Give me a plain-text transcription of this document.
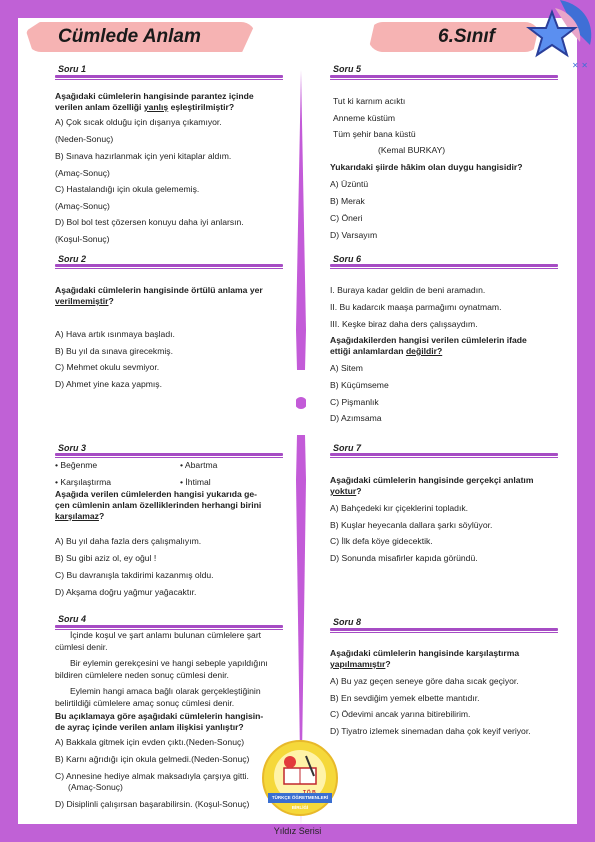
Cümlede Anlam	6.Sınıf
✕ ✕
Soru 1
Aşağıdaki cümlelerin hangisinde parantez içinde
verilen anlam özelliği yanlış eşleştirilmiştir?
A) Çok sıcak olduğu için dışarıya çıkamıyor.
(Neden-Sonuç)
B) Sınava hazırlanmak için yeni kitaplar aldım.
(Amaç-Sonuç)
C) Hastalandığı için okula gelememiş.
(Amaç-Sonuç)
D) Bol bol test çözersen konuyu daha iyi anlarsın.
(Koşul-Sonuç)
Soru 2
Aşağıdaki cümlelerin hangisinde örtülü anlama yer
verilmemiştir?
A) Hava artık ısınmaya başladı.
B) Bu yıl da sınava girecekmiş.
C) Mehmet okulu sevmiyor.
D) Ahmet yine kaza yapmış.
Soru 3
• Beğenme	• Abartma
• Karşılaştırma	• İhtimal
Aşağıda verilen cümlelerden hangisi yukarıda ge-
çen cümlenin anlam özelliklerinden herhangi birini
karşılamaz?
A) Bu yıl daha fazla ders çalışmalıyım.
B) Su gibi aziz ol, ey oğul !
C) Bu davranışla takdirimi kazanmış oldu.
D) Akşama doğru yağmur yağacaktır.
Soru 4
İçinde koşul ve şart anlamı bulunan cümlelere şart
cümlesi denir.
Bir eylemin gerekçesini ve hangi sebeple yapıldığını
bildiren cümlelere neden sonuç cümlesi denir.
Eylemin hangi amaca bağlı olarak gerçekleştiğinin
belirtildiği cümlelere amaç sonuç cümlesi denir.
Bu açıklamaya göre aşağıdaki cümlelerin hangisin-
de ayraç içinde verilen anlam ilişkisi yanlıştır?
A) Bakkala gitmek için evden çıktı.(Neden-Sonuç)
B) Karnı ağrıdığı için okula gelmedi.(Neden-Sonuç)
C) Annesine hediye almak maksadıyla çarşıya gitti.
(Amaç-Sonuç)
D) Disiplinli çalışırsan başarabilirsin. (Koşul-Sonuç)
Soru 5
Tut ki karnım acıktı
Anneme küstüm
Tüm şehir bana küstü
(Kemal BURKAY)
Yukarıdaki şiirde hâkim olan duygu hangisidir?
A) Üzüntü
B) Merak
C) Öneri
D) Varsayım
Soru 6
I. Buraya kadar geldin de beni aramadın.
II. Bu kadarcık maaşa parmağımı oynatmam.
III. Keşke biraz daha ders çalışsaydım.
Aşağıdakilerden hangisi verilen cümlelerin ifade
ettiği anlamlardan değildir?
A) Sitem
B) Küçümseme
C) Pişmanlık
D) Azımsama
Soru 7
Aşağıdaki cümlelerin hangisinde gerçekçi anlatım
yoktur?
A) Bahçedeki kır çiçeklerini topladık.
B) Kuşlar heyecanla dallara şarkı söylüyor.
C) İlk defa köye gidecektik.
D) Sonunda misafirler kapıda göründü.
Soru 8
Aşağıdaki cümlelerin hangisinde karşılaştırma
yapılmamıştır?
A) Bu yaz geçen seneye göre daha sıcak geçiyor.
B) En sevdiğim yemek elbette mantıdır.
C) Ödevimi ancak yarına bitirebilirim.
D) Tiyatro izlemek sinemadan daha çok keyif veriyor.
TÜRKÇE ÖĞRETMENLERİ BİRLİĞİ
Yıldız Serisi
